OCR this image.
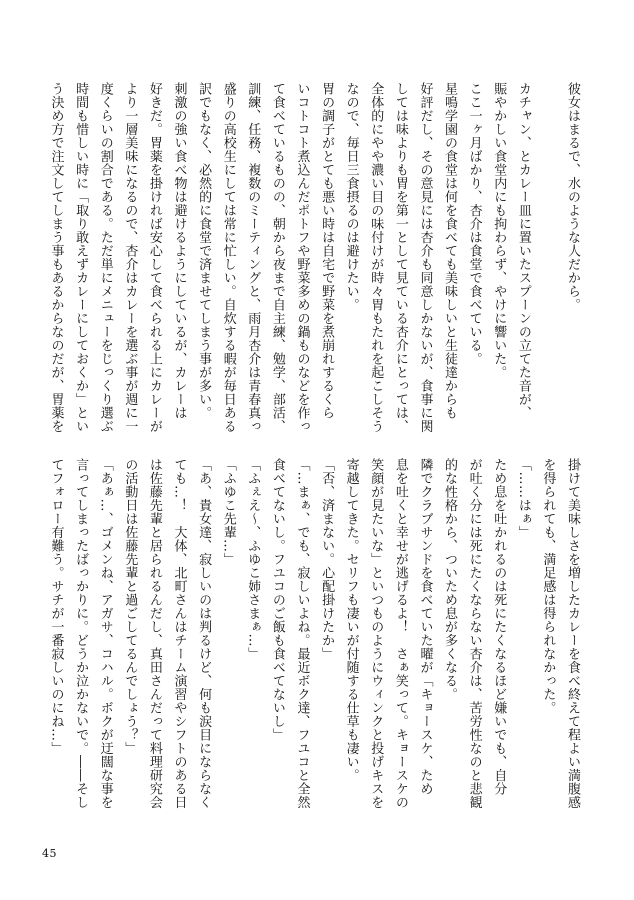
彼女はまるで、水のような人だから。

カチャン、とカレー皿に置いたスプーンの立てた音が、
賑やかしい食堂内にも拘わらず、やけに響いた。
ここ一ヶ月ばかり、杏介は食堂で食べている。
星鳴学園の食堂は何を食べても美味しいと生徒達からも
好評だし、その意見には杏介も同意しかないが、食事に関
しては味よりも胃を第一として見ている杏介にとっては、
全体的にやや濃い目の味付けが時々胃もたれを起こしそう
なので、毎日三食摂るのは避けたい。
胃の調子がとても悪い時は自宅で野菜を煮崩れするくら
いコトコト煮込んだポトフや野菜多めの鍋ものなどを作っ
て食べているものの、朝から夜まで自主練、勉学、部活、
訓練、任務、複数のミーティングと、雨月杏介は青春真っ
盛りの高校生にしては常に忙しい。自炊する暇が毎日ある
訳でもなく、必然的に食堂で済ませてしまう事が多い。
刺激の強い食べ物は避けるようにしているが、カレーは
好きだ。胃薬を掛ければ安心して食べられる上にカレーが
より一層美味になるので、杏介はカレーを選ぶ事が週に一
度くらいの割合である。ただ単にメニューをじっくり選ぶ
時間も惜しい時に「取り敢えずカレーにしておくか」とい
う決め方で注文してしまう事もあるからなのだが、胃薬を
掛けて美味しさを増したカレーを食べ終えて程よい満腹感
を得られても、満足感は得られなかった。
「……はぁ」
ため息を吐かれるのは死にたくなるほど嫌いでも、自分
が吐く分には死にたくならない杏介は、苦労性なのと悲観
的な性格から、ついため息が多くなる。
隣でクラブサンドを食べていた曜が「キョースケ、ため
息を吐くと幸せが逃げるよ！　さぁ笑って。キョースケの
笑顔が見たいな」といつものようにウィンクと投げキスを
寄越してきた。セリフも凄いが付随する仕草も凄い。
「否、済まない。心配掛けたか」
「…まぁ、でも、寂しいよね。最近ボク達、フユコと全然
食べてないし。フユコのご飯も食べてないし」
「ふぇえ〜、ふゆこ姉さまぁ…」
「ふゆこ先輩…」
「あ、貴女達、寂しいのは判るけど、何も涙目にならなく
ても…！　大体、北町さんはチーム演習やシフトのある日
は佐藤先輩と居られるんだし、真田さんだって料理研究会
の活動日は佐藤先輩と過ごしてるんでしょう？」
「あぁ…、ゴメンね、アガサ、コハル。ボクが迂闊な事を
言ってしまったばっかりに。どうか泣かないで。――そし
てフォロー有難う。サチが一番寂しいのにね…」
45
